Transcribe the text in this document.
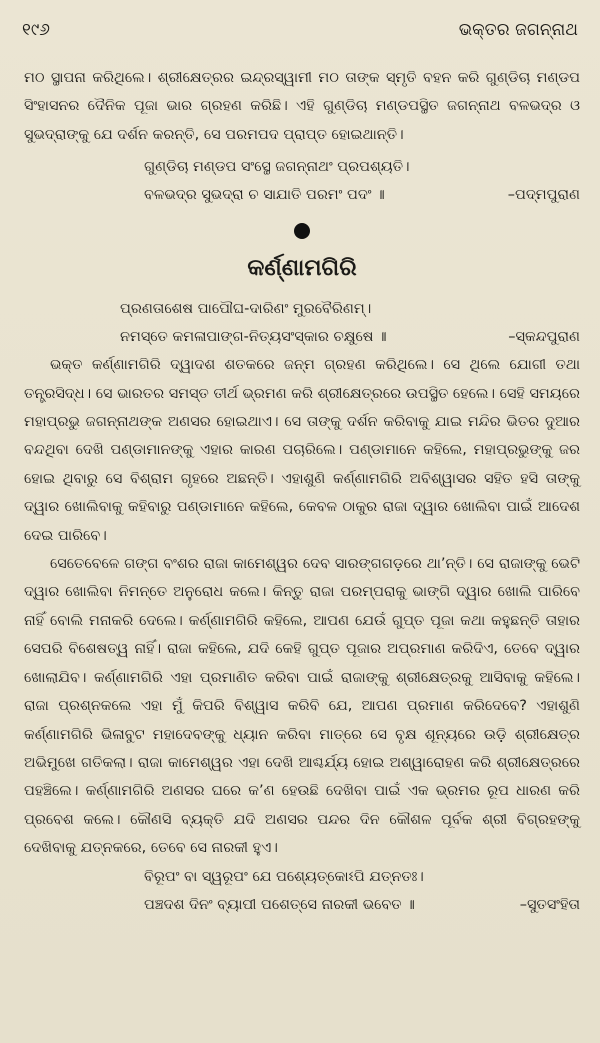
୧୯୬	ଭକ୍ତର ଜଗନ୍ନାଥ

ମଠ ସ୍ଥାପନା କରିଥିଲେ। ଶ୍ରୀକ୍ଷେତ୍ରର ଇନ୍ଦ୍ରସ୍ୱାମୀ ମଠ ତାଙ୍କ ସ୍ମୃତି ବହନ କରି ଗୁଣ୍ଡିଚା ମଣ୍ଡପ ସିଂହାସନର ଦୈନିକ ପୂଜା ଭାର ଗ୍ରହଣ କରିଛି। ଏହି ଗୁଣ୍ଡିଚା ମଣ୍ଡପସ୍ଥିତ ଜଗନ୍ନାଥ ବଳଭଦ୍ର ଓ ସୁଭଦ୍ରାଙ୍କୁ ଯେ ଦର୍ଶନ କରନ୍ତି, ସେ ପରମପଦ ପ୍ରାପ୍ତ ହୋଇଥାନ୍ତି।

ଗୁଣ୍ଡିଚା ମଣ୍ଡପ ସଂସ୍ଥେ ଜଗନ୍ନାଥଂ ପ୍ରପଶ୍ୟତି।
ବଳଭଦ୍ର ସୁଭଦ୍ରା ଚ ସାଯାତି ପରମଂ ପଦଂ ॥	–ପଦ୍ମପୁରାଣ
କର୍ଣ୍ଣାମଗିରି
ପ୍ରଣତାଶେଷ ପାପୌଘ-ଦାରିଣଂ ମୁରବୈରିଣମ୍।
ନମସ୍ତେ କମଳାପାଙ୍ଗ-ନିତ୍ୟସଂସ୍କାର ଚକ୍ଷୁଷେ ॥	–ସ୍କନ୍ଦପୁରାଣ

ଭକ୍ତ କର୍ଣ୍ଣାମଗିରି ଦ୍ୱାଦଶ ଶତକରେ ଜନ୍ମ ଗ୍ରହଣ କରିଥିଲେ। ସେ ଥିଲେ ଯୋଗୀ ତଥା ତନ୍ତ୍ରସିଦ୍ଧ। ସେ ଭାରତର ସମସ୍ତ ତୀର୍ଥ ଭ୍ରମଣ କରି ଶ୍ରୀକ୍ଷେତ୍ରରେ ଉପସ୍ଥିତ ହେଲେ। ସେହି ସମୟରେ ମହାପ୍ରଭୁ ଜଗନ୍ନାଥଙ୍କ ଅଣସର ହୋଇଥାଏ। ସେ ତାଙ୍କୁ ଦର୍ଶନ କରିବାକୁ ଯାଇ ମନ୍ଦିର ଭିତର ଦୁଆର ବନ୍ଦଥିବା ଦେଖି ପଣ୍ଡାମାନଙ୍କୁ ଏହାର କାରଣ ପଚାରିଲେ। ପଣ୍ଡାମାନେ କହିଲେ, ମହାପ୍ରଭୁଙ୍କୁ ଜର ହୋଇ ଥିବାରୁ ସେ ବିଶ୍ରାମ ଗୃହରେ ଅଛନ୍ତି। ଏହାଶୁଣି କର୍ଣ୍ଣାମଗିରି ଅବିଶ୍ୱାସର ସହିତ ହସି ତାଙ୍କୁ ଦ୍ୱାର ଖୋଲିବାକୁ କହିବାରୁ ପଣ୍ଡାମାନେ କହିଲେ, କେବଳ ଠାକୁର ରାଜା ଦ୍ୱାର ଖୋଲିବା ପାଇଁ ଆଦେଶ ଦେଇ ପାରିବେ।

ସେତେବେଳେ ଗଙ୍ଗ ବଂଶର ରାଜା କାମେଶ୍ୱର ଦେବ ସାରଙ୍ଗଗଡ଼ରେ ଥା’ନ୍ତି। ସେ ରାଜାଙ୍କୁ ଭେଟି ଦ୍ୱାର ଖୋଲିବା ନିମନ୍ତେ ଅନୁରୋଧ କଲେ। କିନ୍ତୁ ରାଜା ପରମ୍ପରାକୁ ଭାଙ୍ଗି ଦ୍ୱାର ଖୋଲି ପାରିବେ ନାହିଁ ବୋଲି ମନାକରି ଦେଲେ। କର୍ଣ୍ଣାମଗିରି କହିଲେ, ଆପଣ ଯେଉଁ ଗୁପ୍ତ ପୂଜା କଥା କହୁଛନ୍ତି ତାହାର ସେପରି ବିଶେଷତ୍ୱ ନାହିଁ। ରାଜା କହିଲେ, ଯଦି କେହି ଗୁପ୍ତ ପୂଜାର ଅପ୍ରମାଣ କରିଦିଏ, ତେବେ ଦ୍ୱାର ଖୋଲାଯିବ। କର୍ଣ୍ଣାମଗିରି ଏହା ପ୍ରମାଣିତ କରିବା ପାଇଁ ରାଜାଙ୍କୁ ଶ୍ରୀକ୍ଷେତ୍ରକୁ ଆସିବାକୁ କହିଲେ। ରାଜା ପ୍ରଶ୍ନକଲେ ଏହା ମୁଁ କିପରି ବିଶ୍ୱାସ କରିବି ଯେ, ଆପଣ ପ୍ରମାଣ କରିଦେବେ? ଏହାଶୁଣି କର୍ଣ୍ଣାମଗିରି ଭିଳାବୁଟ ମହାଦେବଙ୍କୁ ଧ୍ୟାନ କରିବା ମାତ୍ରେ ସେ ବୃକ୍ଷ ଶୂନ୍ୟରେ ଉଡ଼ି ଶ୍ରୀକ୍ଷେତ୍ର ଅଭିମୁଖେ ଗତିକଲା। ରାଜା କାମେଶ୍ୱର ଏହା ଦେଖି ଆଶ୍ଚର୍ଯ୍ୟ ହୋଇ ଅଶ୍ୱାରୋହଣ କରି ଶ୍ରୀକ୍ଷେତ୍ରରେ ପହଞ୍ଚିଲେ। କର୍ଣ୍ଣାମଗିରି ଅଣସର ଘରେ କ’ଣ ହେଉଛି ଦେଖିବା ପାଇଁ ଏକ ଭ୍ରମର ରୂପ ଧାରଣ କରି ପ୍ରବେଶ କଲେ। କୌଣସି ବ୍ୟକ୍ତି ଯଦି ଅଣସର ପନ୍ଦର ଦିନ କୌଶଳ ପୂର୍ବକ ଶ୍ରୀ ବିଗ୍ରହଙ୍କୁ ଦେଖିବାକୁ ଯତ୍ନକରେ, ତେବେ ସେ ନାରକୀ ହୁଏ।

ବିରୂପଂ ବା ସ୍ୱରୂପଂ ଯେ ପଶ୍ୟେତ୍କୋଽପି ଯତ୍ନତଃ।
ପଞ୍ଚଦଶ ଦିନଂ ବ୍ୟାପୀ ପଶେତ୍ସେ ନାରକୀ ଭବେତ ॥	–ସୁତସଂହିତା
